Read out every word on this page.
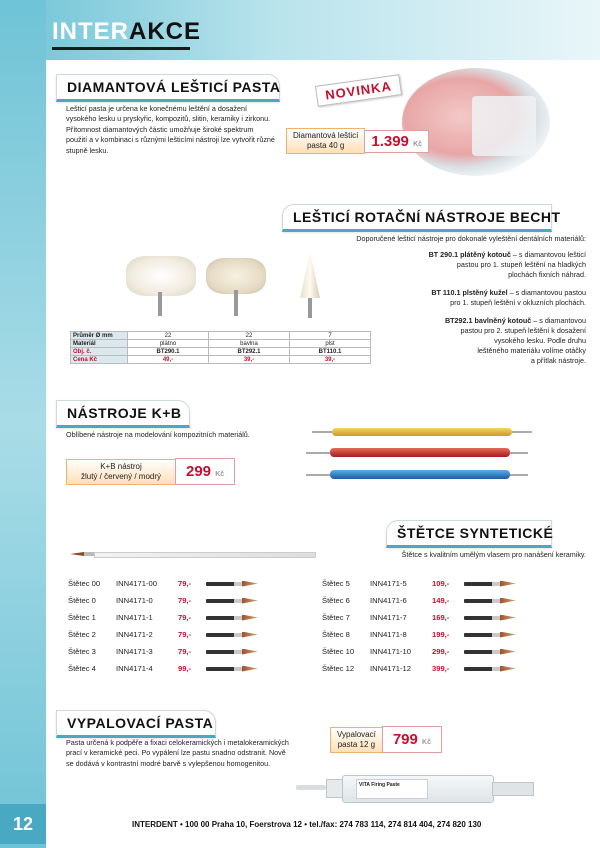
INTERAKCE
DIAMANTOVÁ LEŠTICÍ PASTA

Lešticí pasta je určena ke konečnému leštění a dosažení vysokého lesku u pryskyřic, kompozitů, slitin, keramiky i zirkonu. Přítomnost diamantových částic umožňuje široké spektrum použití a v kombinaci s různými lešticími nástroji lze vytvořit různé stupně lesku.

NOVINKA
Diamantová lešticí
pasta 40 g	1.399 Kč
LEŠTICÍ ROTAČNÍ NÁSTROJE BECHT
Doporučené lešticí nástroje pro dokonalé vyleštění dentálních materiálů:
BT 290.1 plátěný kotouč – s diamantovou lešticí
pastou pro 1. stupeň leštění na hladkých
plochách fixních náhrad.
BT 110.1 plstěný kužel – s diamantovou pastou
pro 1. stupeň leštění v okluzních plochách.
BT292.1 bavlněný kotouč – s diamantovou
pastou pro 2. stupeň leštění k dosažení
vysokého lesku. Podle druhu
leštěného materiálu volíme otáčky
a přítlak nástroje.
Průměr Ø mm	22	22	7
Materiál	plátno	bavlna	plst
Obj. č.	BT290.1	BT292.1	BT110.1
Cena Kč	49,-	39,-	39,-
NÁSTROJE K+B
Oblíbené nástroje na modelování kompozitních materiálů.
K+B nástroj
žlutý / červený / modrý	299 Kč
ŠTĚTCE SYNTETICKÉ
Štětce s kvalitním umělým vlasem pro nanášení keramiky.
Štětec 00	INN4171-00	79,-
Štětec 0	INN4171-0	79,-
Štětec 1	INN4171-1	79,-
Štětec 2	INN4171-2	79,-
Štětec 3	INN4171-3	79,-
Štětec 4	INN4171-4	99,-
Štětec 5	INN4171-5	109,-
Štětec 6	INN4171-6	149,-
Štětec 7	INN4171-7	169,-
Štětec 8	INN4171-8	199,-
Štětec 10	INN4171-10	299,-
Štětec 12	INN4171-12	399,-
VYPALOVACÍ PASTA

Pasta určená k podpěře a fixaci celokeramických i metalokeramických prací v keramické peci. Po vypálení lze pastu snadno odstranit. Nově se dodává v kontrastní modré barvě s vylepšenou homogenitou.

Vypalovací
pasta 12 g	799 Kč
VITA Firing Paste
12	INTERDENT • 100 00 Praha 10, Foerstrova 12 • tel./fax: 274 783 114, 274 814 404, 274 820 130
